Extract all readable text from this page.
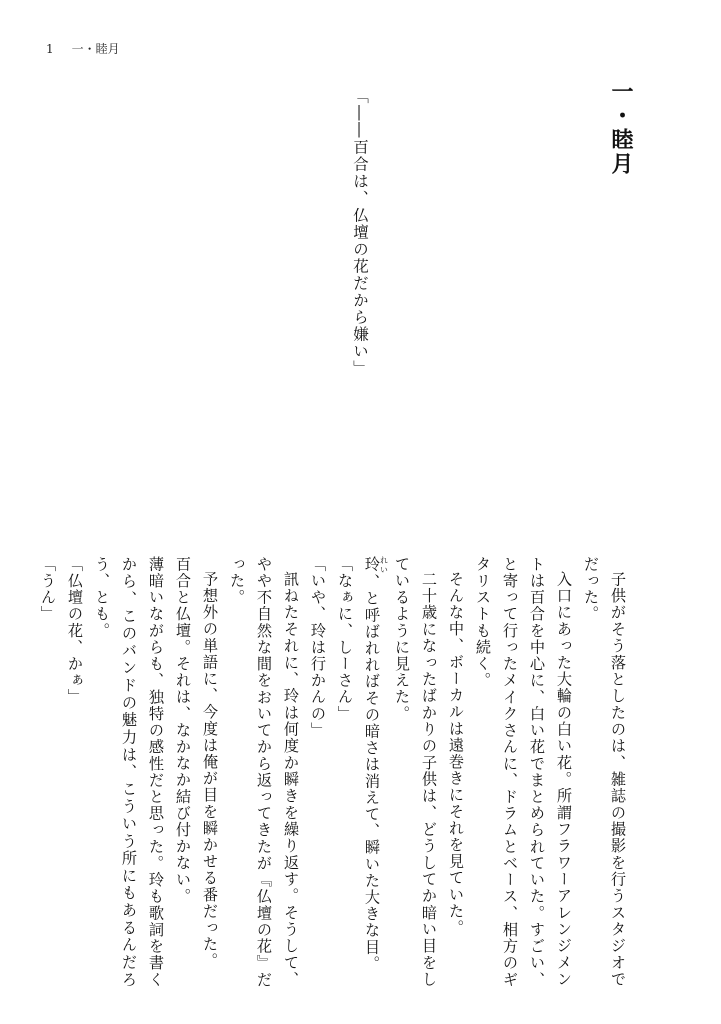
1 一・睦月
一・睦月
「――百合は、仏壇の花だから嫌い」

子供がそう落としたのは、雑誌の撮影を行うスタジオでだった。

入口にあった大輪の白い花。所謂フラワーアレンジメントは百合を中心に、白い花でまとめられていた。すごい、と寄って行ったメイクさんに、ドラムとベース、相方のギタリストも続く。

そんな中、ボーカルは遠巻きにそれを見ていた。

二十歳になったばかりの子供は、どうしてか暗い目をしているように見えた。

玲れい、と呼ばれればその暗さは消えて、瞬いた大きな目。

「なぁに、しーさん」

「いや、玲は行かんの」

訊ねたそれに、玲は何度か瞬きを繰り返す。そうして、やや不自然な間をおいてから返ってきたが『仏壇の花』だった。

予想外の単語に、今度は俺が目を瞬かせる番だった。

百合と仏壇。それは、なかなか結び付かない。

薄暗いながらも、独特の感性だと思った。玲も歌詞を書くから、このバンドの魅力は、こういう所にもあるんだろう、とも。

「仏壇の花、かぁ」

「うん」
